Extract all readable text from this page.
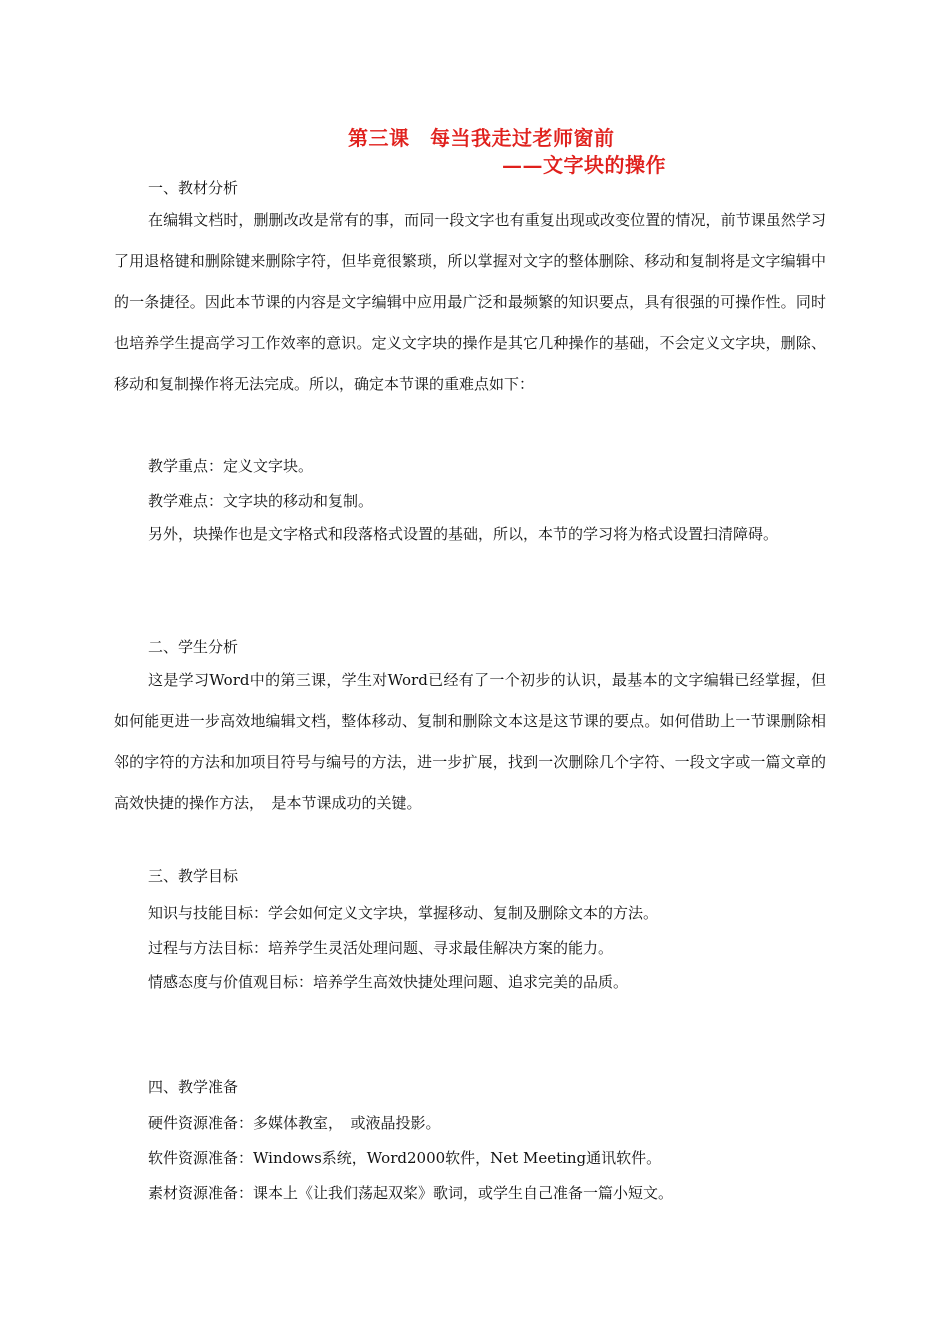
第三课　每当我走过老师窗前
——文字块的操作
一、教材分析
在编辑文档时，删删改改是常有的事，而同一段文字也有重复出现或改变位置的情况，前节课虽然学习了用退格键和删除键来删除字符，但毕竟很繁琐，所以掌握对文字的整体删除、移动和复制将是文字编辑中的一条捷径。因此本节课的内容是文字编辑中应用最广泛和最频繁的知识要点，具有很强的可操作性。同时也培养学生提高学习工作效率的意识。定义文字块的操作是其它几种操作的基础，不会定义文字块，删除、移动和复制操作将无法完成。所以，确定本节课的重难点如下：
教学重点：定义文字块。
教学难点：文字块的移动和复制。
另外，块操作也是文字格式和段落格式设置的基础，所以，本节的学习将为格式设置扫清障碍。
二、学生分析
这是学习Word中的第三课，学生对Word已经有了一个初步的认识，最基本的文字编辑已经掌握，但如何能更进一步高效地编辑文档，整体移动、复制和删除文本这是这节课的要点。如何借助上一节课删除相邻的字符的方法和加项目符号与编号的方法，进一步扩展，找到一次删除几个字符、一段文字或一篇文章的高效快捷的操作方法，　是本节课成功的关键。
三、教学目标
知识与技能目标：学会如何定义文字块，掌握移动、复制及删除文本的方法。
过程与方法目标：培养学生灵活处理问题、寻求最佳解决方案的能力。
情感态度与价值观目标：培养学生高效快捷处理问题、追求完美的品质。
四、教学准备
硬件资源准备：多媒体教室，　或液晶投影。
软件资源准备：Windows系统，Word2000软件，Net Meeting通讯软件。
素材资源准备：课本上《让我们荡起双桨》歌词，或学生自己准备一篇小短文。
